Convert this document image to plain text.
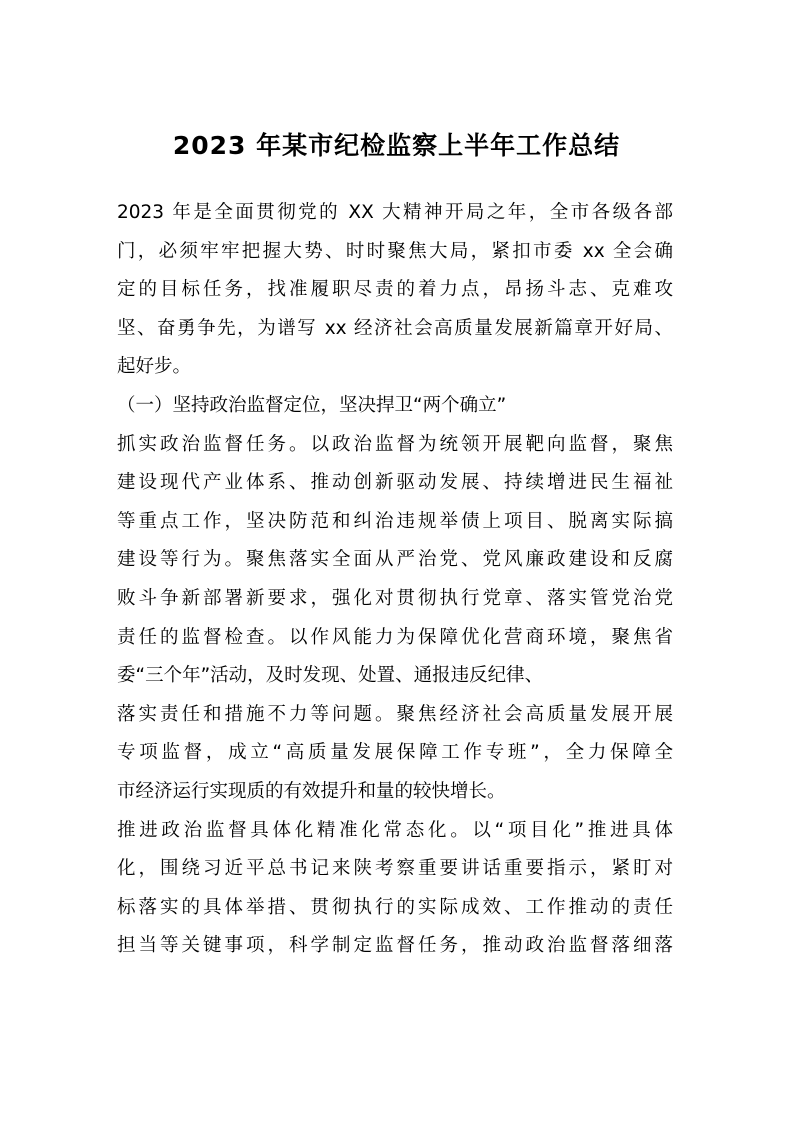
2023 年某市纪检监察上半年工作总结
2023 年是全面贯彻党的 XX 大精神开局之年，全市各级各部
门，必须牢牢把握大势、时时聚焦大局，紧扣市委 xx 全会确
定的目标任务，找准履职尽责的着力点，昂扬斗志、克难攻
坚、奋勇争先，为谱写 xx 经济社会高质量发展新篇章开好局、
起好步。
（一）坚持政治监督定位，坚决捍卫“两个确立”
抓实政治监督任务。以政治监督为统领开展靶向监督，聚焦
建设现代产业体系、推动创新驱动发展、持续增进民生福祉
等重点工作，坚决防范和纠治违规举债上项目、脱离实际搞
建设等行为。聚焦落实全面从严治党、党风廉政建设和反腐
败斗争新部署新要求，强化对贯彻执行党章、落实管党治党
责任的监督检查。以作风能力为保障优化营商环境，聚焦省
委“三个年”活动，及时发现、处置、通报违反纪律、
落实责任和措施不力等问题。聚焦经济社会高质量发展开展
专项监督，成立“高质量发展保障工作专班”，全力保障全
市经济运行实现质的有效提升和量的较快增长。
推进政治监督具体化精准化常态化。以“项目化”推进具体
化，围绕习近平总书记来陕考察重要讲话重要指示，紧盯对
标落实的具体举措、贯彻执行的实际成效、工作推动的责任
担当等关键事项，科学制定监督任务，推动政治监督落细落
